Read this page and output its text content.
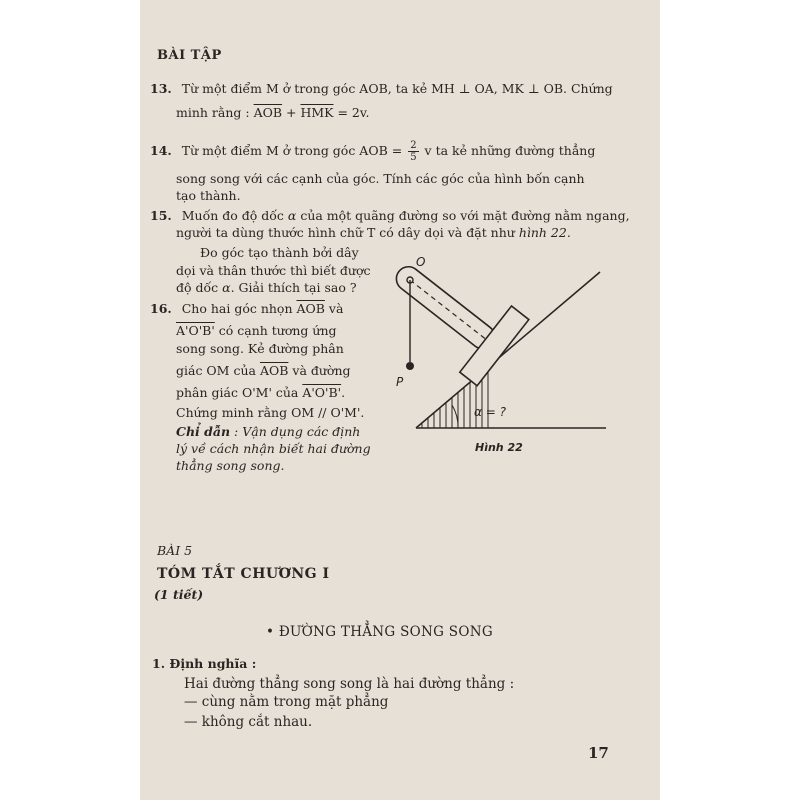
BÀI TẬP
13. Từ một điểm M ở trong góc AOB, ta kẻ MH ⊥ OA, MK ⊥ OB. Chứng
minh rằng : $\overline{AOB} + \overline{HMK} = 2v$.
14. Từ một điểm M ở trong góc AOB = $\frac{2}{5}$ v ta kẻ những đường thẳng
song song với các cạnh của góc. Tính các góc của hình bốn cạnh
tạo thành.
15. Muốn đo độ dốc α của một quãng đường so với mặt đường nằm ngang,
người ta dùng thước hình chữ T có dây dọi và đặt như hình 22.
Đo góc tạo thành bởi dây
dọi và thân thước thì biết được
độ dốc α. Giải thích tại sao ?
16. Cho hai góc nhọn $\overline{AOB}$ và
A'O'B' có cạnh tương ứng
song song. Kẻ đường phân
giác OM của $\overline{AOB}$ và đường
phân giác O'M' của A'O'B'.
Chứng minh rằng OM // O'M'.
Chỉ dẫn : Vận dụng các định
lý về cách nhận biết hai đường
thẳng song song.
O
P
α = ?
Hình 22
BÀI 5
TÓM TẮT CHƯƠNG I
(1 tiết)
• ĐƯỜNG THẲNG SONG SONG
1. Định nghĩa :
Hai đường thẳng song song là hai đường thẳng :
— cùng nằm trong mặt phẳng
— không cắt nhau.
17
